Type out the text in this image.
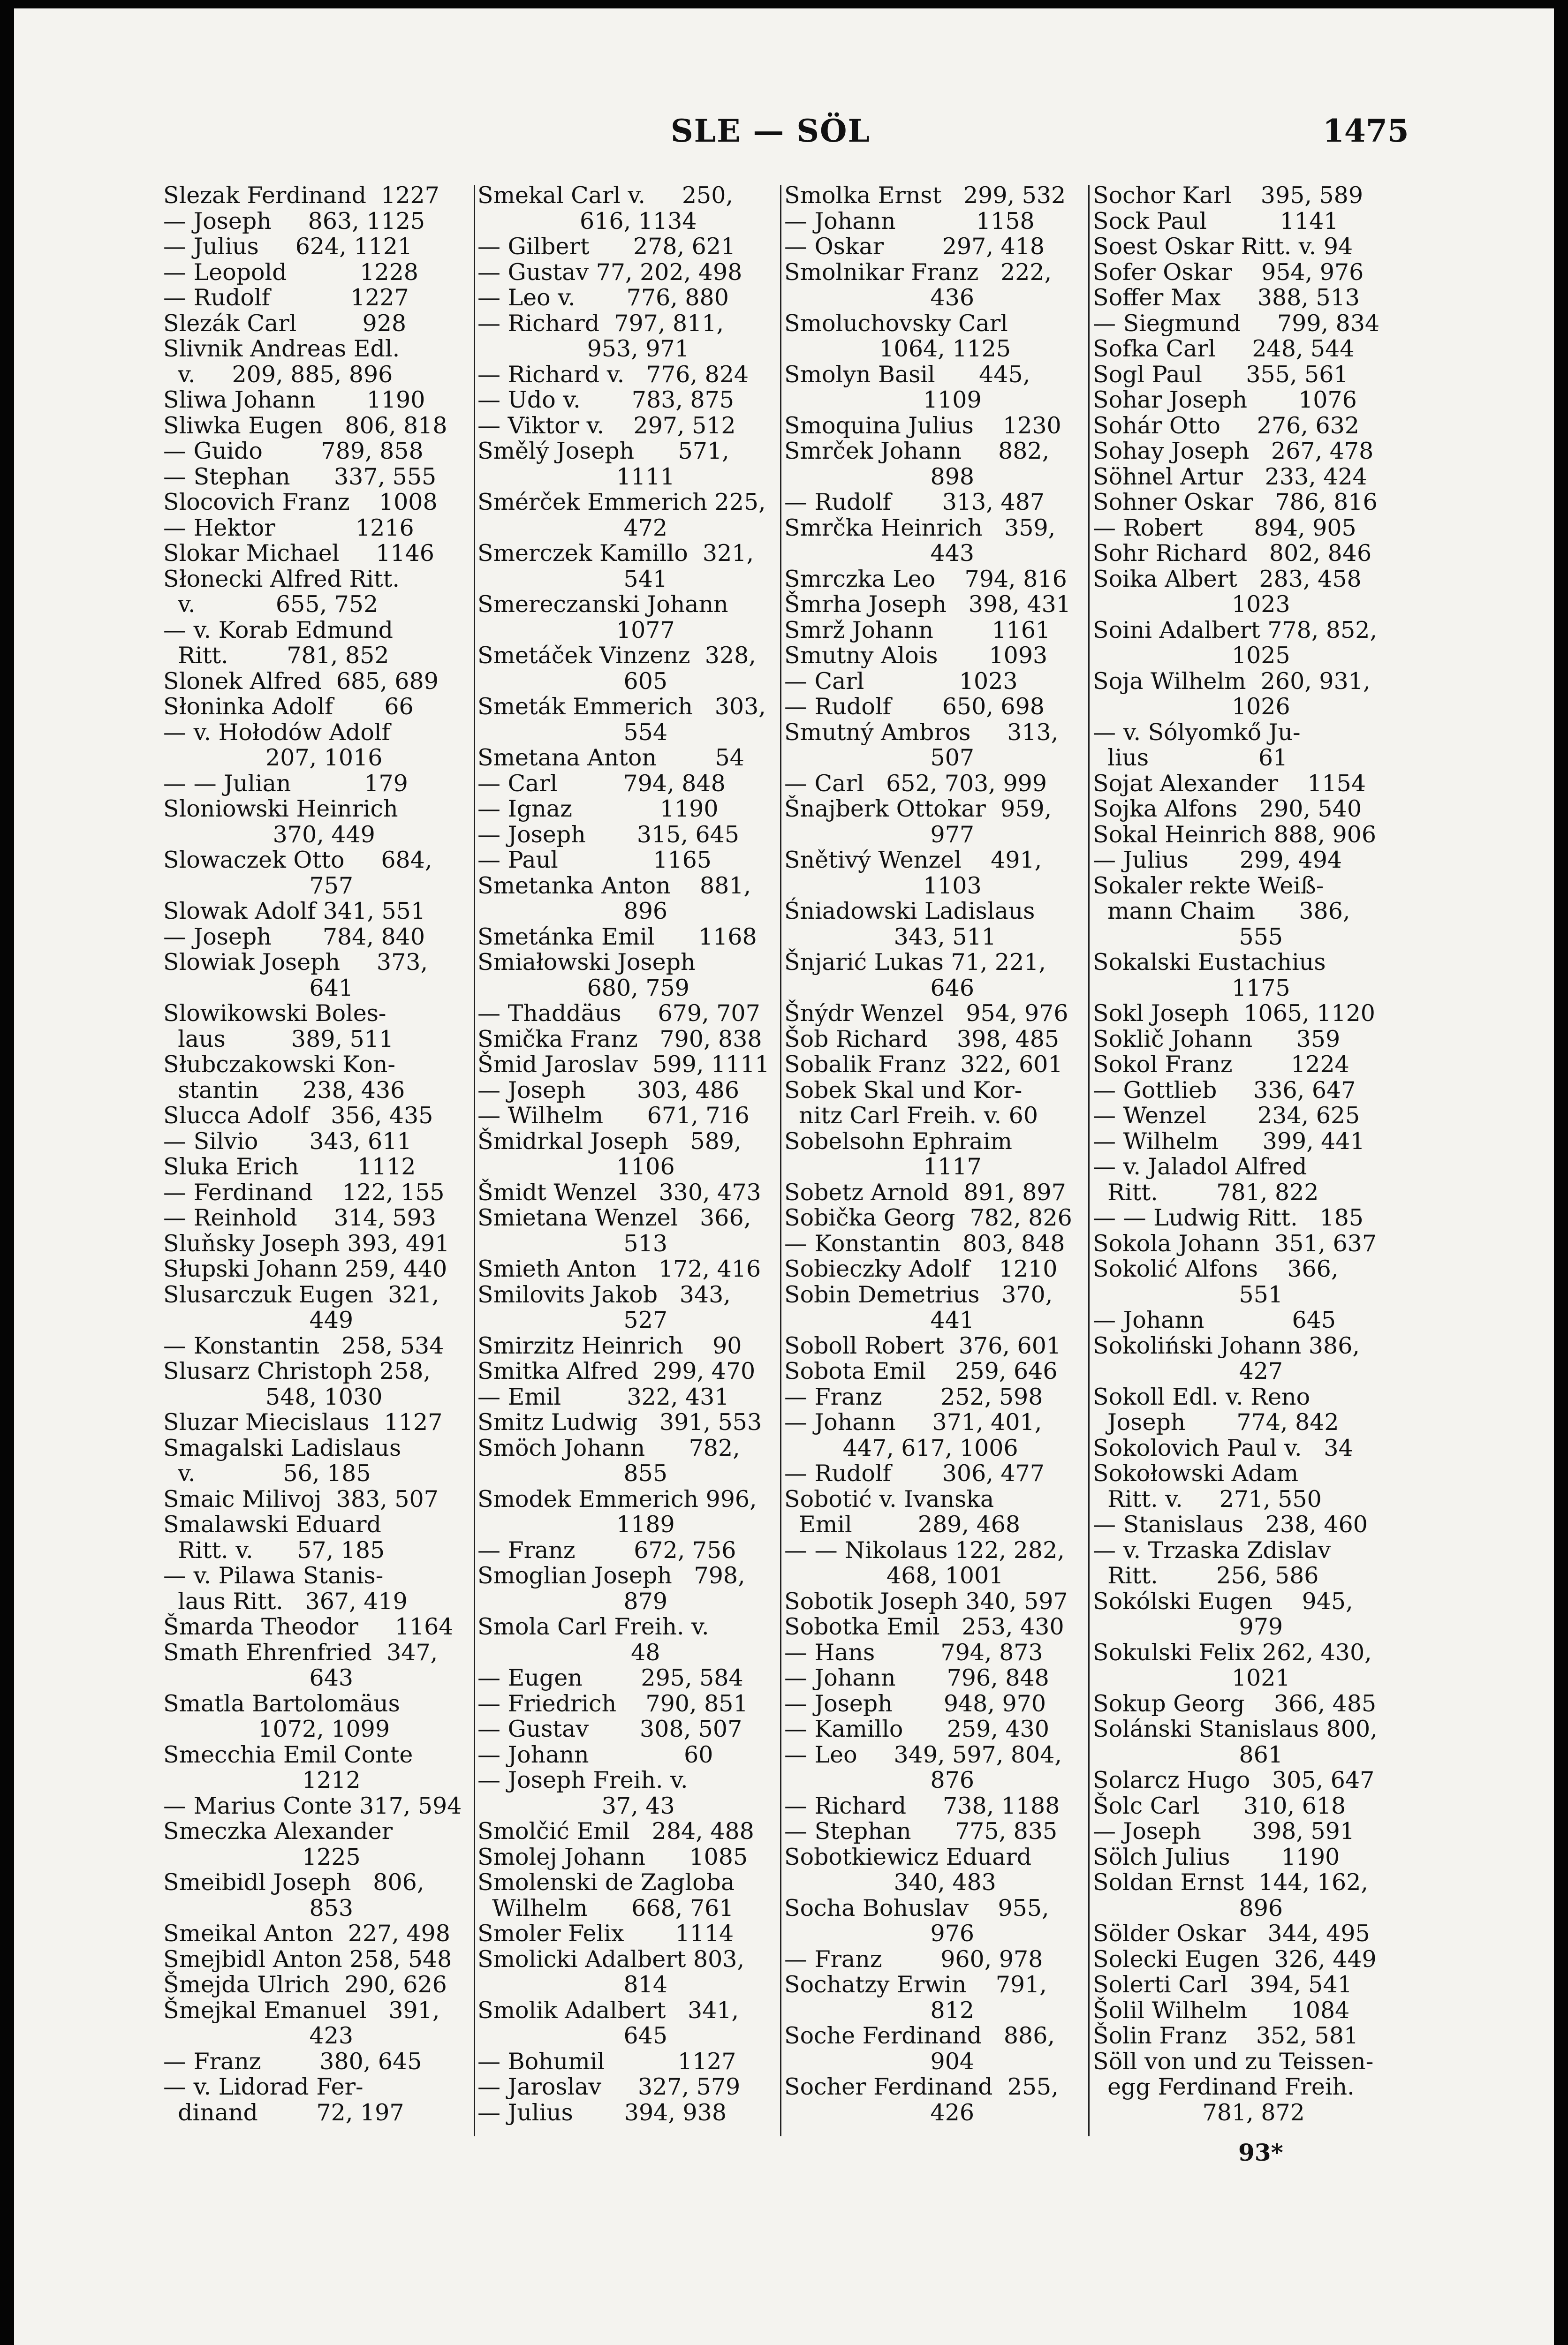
SLE — SÖL	1475
Slezak Ferdinand  1227
— Joseph     863, 1125
— Julius     624, 1121
— Leopold          1228
— Rudolf           1227
Slezák Carl         928
Slivnik Andreas Edl.
v.     209, 885, 896
Sliwa Johann       1190
Sliwka Eugen   806, 818
— Guido        789, 858
— Stephan      337, 555
Slocovich Franz    1008
— Hektor           1216
Slokar Michael     1146
Słonecki Alfred Ritt.
v.           655, 752
— v. Korab Edmund
Ritt.        781, 852
Slonek Alfred  685, 689
Słoninka Adolf       66
— v. Hołodów Adolf
207, 1016
— — Julian          179
Sloniowski Heinrich
370, 449
Slowaczek Otto     684,
757
Slowak Adolf 341, 551
— Joseph       784, 840
Slowiak Joseph     373,
641
Slowikowski Boles-
laus         389, 511
Słubczakowski Kon-
stantin      238, 436
Slucca Adolf   356, 435
— Silvio       343, 611
Sluka Erich        1112
— Ferdinand    122, 155
— Reinhold     314, 593
Sluňsky Joseph 393, 491
Słupski Johann 259, 440
Slusarczuk Eugen  321,
449
— Konstantin   258, 534
Slusarz Christoph 258,
548, 1030
Sluzar Miecislaus  1127
Smagalski Ladislaus
v.            56, 185
Smaic Milivoj  383, 507
Smalawski Eduard
Ritt. v.      57, 185
— v. Pilawa Stanis-
laus Ritt.   367, 419
Šmarda Theodor     1164
Smath Ehrenfried  347,
643
Smatla Bartolomäus
1072, 1099
Smecchia Emil Conte
1212
— Marius Conte 317, 594
Smeczka Alexander
1225
Smeibidl Joseph   806,
853
Smeikal Anton  227, 498
Smejbidl Anton 258, 548
Šmejda Ulrich  290, 626
Šmejkal Emanuel   391,
423
— Franz        380, 645
— v. Lidorad Fer-
dinand        72, 197
Smekal Carl v.     250,
616, 1134
— Gilbert      278, 621
— Gustav 77, 202, 498
— Leo v.       776, 880
— Richard  797, 811,
953, 971
— Richard v.   776, 824
— Udo v.       783, 875
— Viktor v.    297, 512
Smělý Joseph      571,
1111
Smérček Emmerich 225,
472
Smerczek Kamillo  321,
541
Smereczanski Johann
1077
Smetáček Vinzenz  328,
605
Smeták Emmerich   303,
554
Smetana Anton        54
— Carl         794, 848
— Ignaz            1190
— Joseph       315, 645
— Paul             1165
Smetanka Anton    881,
896
Smetánka Emil      1168
Smiałowski Joseph
680, 759
— Thaddäus     679, 707
Smička Franz   790, 838
Šmid Jaroslav  599, 1111
— Joseph       303, 486
— Wilhelm      671, 716
Šmidrkal Joseph   589,
1106
Šmidt Wenzel   330, 473
Smietana Wenzel   366,
513
Smieth Anton   172, 416
Smilovits Jakob   343,
527
Smirzitz Heinrich    90
Smitka Alfred  299, 470
— Emil         322, 431
Smitz Ludwig   391, 553
Smöch Johann      782,
855
Smodek Emmerich 996,
1189
— Franz        672, 756
Smoglian Joseph   798,
879
Smola Carl Freih. v.
48
— Eugen        295, 584
— Friedrich    790, 851
— Gustav       308, 507
— Johann             60
— Joseph Freih. v.
37, 43
Smolčić Emil   284, 488
Smolej Johann      1085
Smolenski de Zagloba
Wilhelm      668, 761
Smoler Felix       1114
Smolicki Adalbert 803,
814
Smolik Adalbert   341,
645
— Bohumil          1127
— Jaroslav     327, 579
— Julius       394, 938
Smolka Ernst   299, 532
— Johann           1158
— Oskar        297, 418
Smolnikar Franz   222,
436
Smoluchovsky Carl
1064, 1125
Smolyn Basil      445,
1109
Smoquina Julius    1230
Smrček Johann     882,
898
— Rudolf       313, 487
Smrčka Heinrich   359,
443
Smrczka Leo    794, 816
Šmrha Joseph   398, 431
Smrž Johann        1161
Smutny Alois       1093
— Carl             1023
— Rudolf       650, 698
Smutný Ambros     313,
507
— Carl   652, 703, 999
Šnajberk Ottokar  959,
977
Snětivý Wenzel    491,
1103
Śniadowski Ladislaus
343, 511
Šnjarić Lukas 71, 221,
646
Šnýdr Wenzel   954, 976
Šob Richard    398, 485
Sobalik Franz  322, 601
Sobek Skal und Kor-
nitz Carl Freih. v. 60
Sobelsohn Ephraim
1117
Sobetz Arnold  891, 897
Sobička Georg  782, 826
— Konstantin   803, 848
Sobieczky Adolf    1210
Sobin Demetrius   370,
441
Soboll Robert  376, 601
Sobota Emil    259, 646
— Franz        252, 598
— Johann     371, 401,
447, 617, 1006
— Rudolf       306, 477
Sobotić v. Ivanska
Emil         289, 468
— — Nikolaus 122, 282,
468, 1001
Sobotik Joseph 340, 597
Sobotka Emil   253, 430
— Hans         794, 873
— Johann       796, 848
— Joseph       948, 970
— Kamillo      259, 430
— Leo     349, 597, 804,
876
— Richard     738, 1188
— Stephan      775, 835
Sobotkiewicz Eduard
340, 483
Socha Bohuslav    955,
976
— Franz        960, 978
Sochatzy Erwin    791,
812
Soche Ferdinand   886,
904
Socher Ferdinand  255,
426
Sochor Karl    395, 589
Sock Paul          1141
Soest Oskar Ritt. v. 94
Sofer Oskar    954, 976
Soffer Max     388, 513
— Siegmund     799, 834
Sofka Carl     248, 544
Sogl Paul      355, 561
Sohar Joseph       1076
Sohár Otto     276, 632
Sohay Joseph   267, 478
Söhnel Artur   233, 424
Sohner Oskar   786, 816
— Robert       894, 905
Sohr Richard   802, 846
Soika Albert   283, 458
1023
Soini Adalbert 778, 852,
1025
Soja Wilhelm  260, 931,
1026
— v. Sólyomkő Ju-
lius               61
Sojat Alexander    1154
Sojka Alfons   290, 540
Sokal Heinrich 888, 906
— Julius       299, 494
Sokaler rekte Weiß-
mann Chaim      386,
555
Sokalski Eustachius
1175
Sokl Joseph  1065, 1120
Soklič Johann      359
Sokol Franz        1224
— Gottlieb     336, 647
— Wenzel       234, 625
— Wilhelm      399, 441
— v. Jaladol Alfred
Ritt.        781, 822
— — Ludwig Ritt.   185
Sokola Johann  351, 637
Sokolić Alfons    366,
551
— Johann            645
Sokoliński Johann 386,
427
Sokoll Edl. v. Reno
Joseph       774, 842
Sokolovich Paul v.   34
Sokołowski Adam
Ritt. v.     271, 550
— Stanislaus   238, 460
— v. Trzaska Zdislav
Ritt.        256, 586
Sokólski Eugen    945,
979
Sokulski Felix 262, 430,
1021
Sokup Georg    366, 485
Solánski Stanislaus 800,
861
Solarcz Hugo   305, 647
Šolc Carl      310, 618
— Joseph       398, 591
Sölch Julius       1190
Soldan Ernst  144, 162,
896
Sölder Oskar   344, 495
Solecki Eugen  326, 449
Solerti Carl   394, 541
Šolil Wilhelm      1084
Šolin Franz    352, 581
Söll von und zu Teissen-
egg Ferdinand Freih.
781, 872
93*
